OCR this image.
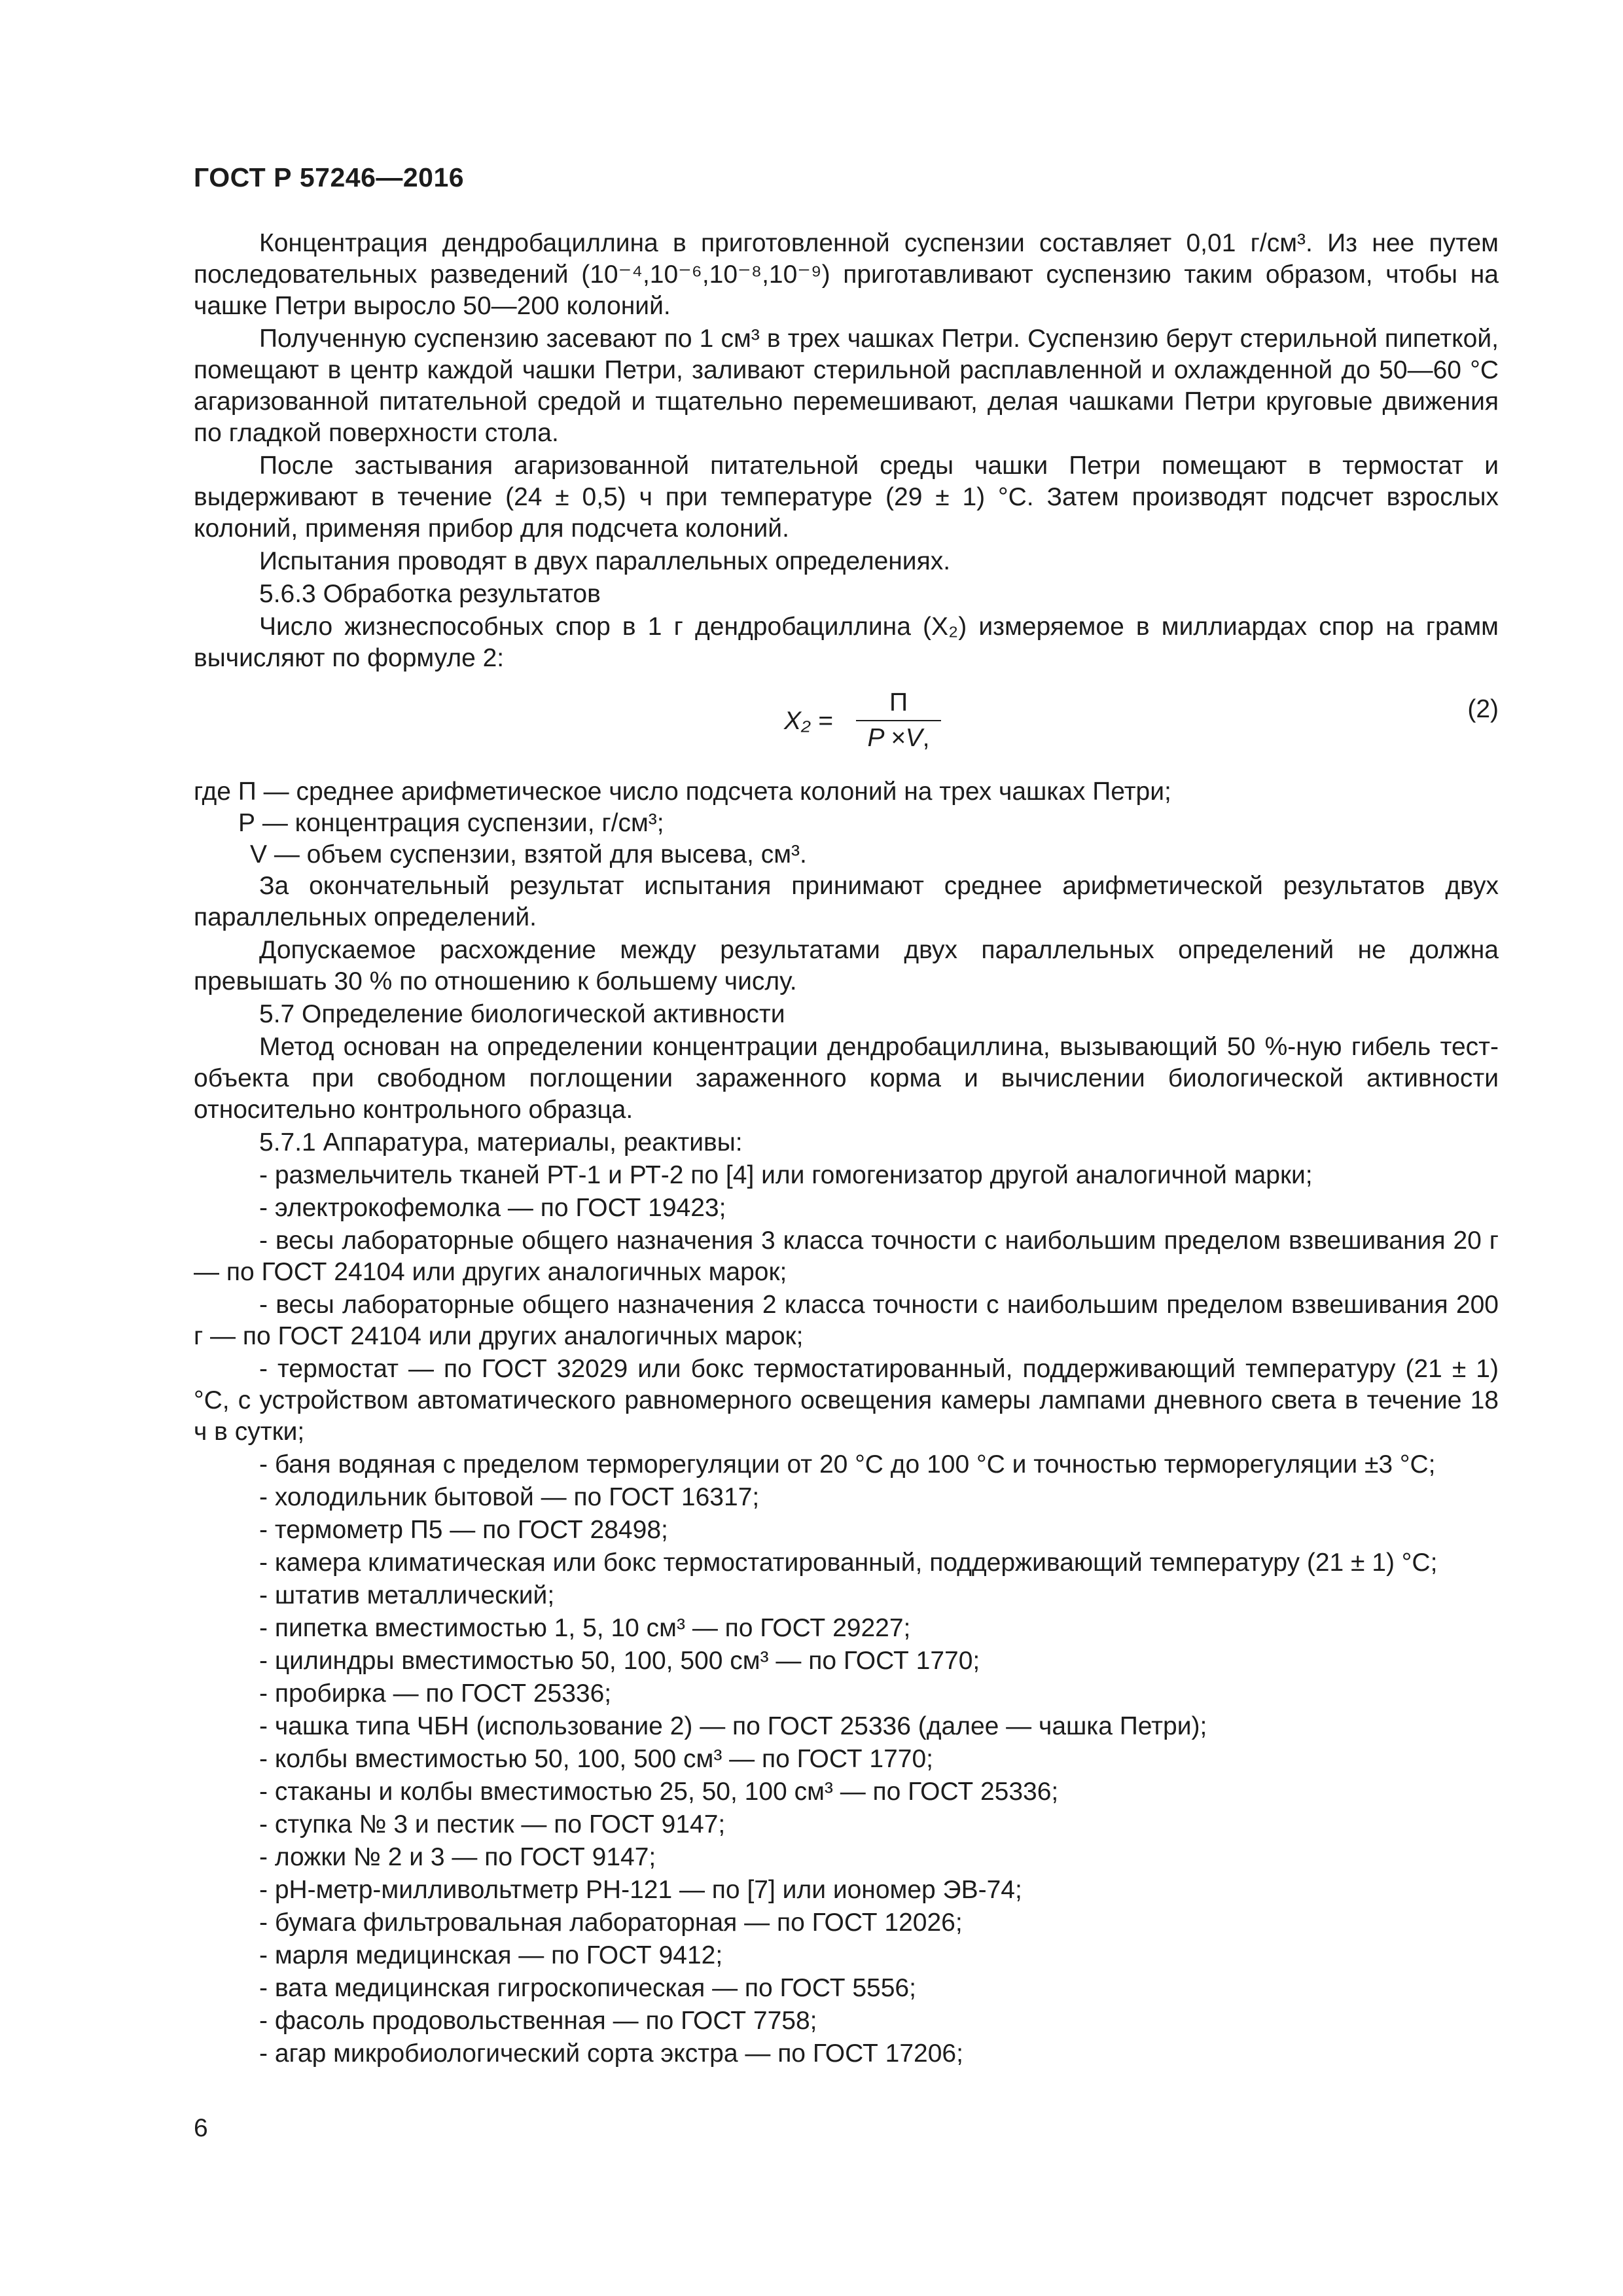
ГОСТ Р 57246—2016

Концентрация дендробациллина в приготовленной суспензии составляет 0,01 г/см³. Из нее путем последовательных разведений (10⁻⁴,10⁻⁶,10⁻⁸,10⁻⁹) приготавливают суспензию таким образом, чтобы на чашке Петри выросло 50—200 колоний.

Полученную суспензию засевают по 1 см³ в трех чашках Петри. Суспензию берут стерильной пипеткой, помещают в центр каждой чашки Петри, заливают стерильной расплавленной и охлажденной до 50—60 °С агаризованной питательной средой и тщательно перемешивают, делая чашками Петри круговые движения по гладкой поверхности стола.

После застывания агаризованной питательной среды чашки Петри помещают в термостат и выдерживают в течение (24 ± 0,5) ч при температуре (29 ± 1) °С. Затем производят подсчет взрослых колоний, применяя прибор для подсчета колоний.

Испытания проводят в двух параллельных определениях.

5.6.3 Обработка результатов

Число жизнеспособных спор в 1 г дендробациллина (X₂) измеряемое в миллиардах спор на грамм вычисляют по формуле 2:

X₂ =
П
P ×V,
(2)

где П — среднее арифметическое число подсчета колоний на трех чашках Петри;

Р — концентрация суспензии, г/см³;

V — объем суспензии, взятой для высева, см³.

За окончательный результат испытания принимают среднее арифметической результатов двух параллельных определений.

Допускаемое расхождение между результатами двух параллельных определений не должна превышать 30 % по отношению к большему числу.

5.7 Определение биологической активности

Метод основан на определении концентрации дендробациллина, вызывающий 50 %-ную гибель тест-объекта при свободном поглощении зараженного корма и вычислении биологической активности относительно контрольного образца.

5.7.1 Аппаратура, материалы, реактивы:

- размельчитель тканей РТ-1 и РТ-2 по [4] или гомогенизатор другой аналогичной марки;
- электрокофемолка — по ГОСТ 19423;
- весы лабораторные общего назначения 3 класса точности с наибольшим пределом взвешивания 20 г — по ГОСТ 24104 или других аналогичных марок;
- весы лабораторные общего назначения 2 класса точности с наибольшим пределом взвешивания 200 г — по ГОСТ 24104 или других аналогичных марок;
- термостат — по ГОСТ 32029 или бокс термостатированный, поддерживающий температуру (21 ± 1) °С, с устройством автоматического равномерного освещения камеры лампами дневного света в течение 18 ч в сутки;
- баня водяная с пределом терморегуляции от 20 °С до 100 °С и точностью терморегуляции ±3 °С;
- холодильник бытовой — по ГОСТ 16317;
- термометр П5 — по ГОСТ 28498;
- камера климатическая или бокс термостатированный, поддерживающий температуру (21 ± 1) °С;
- штатив металлический;
- пипетка вместимостью 1, 5, 10 см³ — по ГОСТ 29227;
- цилиндры вместимостью 50, 100, 500 см³ — по ГОСТ 1770;
- пробирка — по ГОСТ 25336;
- чашка типа ЧБН (использование 2) — по ГОСТ 25336 (далее — чашка Петри);
- колбы вместимостью 50, 100, 500 см³ — по ГОСТ 1770;
- стаканы и колбы вместимостью 25, 50, 100 см³ — по ГОСТ 25336;
- ступка № 3 и пестик — по ГОСТ 9147;
- ложки № 2 и 3 — по ГОСТ 9147;
- рН-метр-милливольтметр РН-121 — по [7] или иономер ЭВ-74;
- бумага фильтровальная лабораторная — по ГОСТ 12026;
- марля медицинская — по ГОСТ 9412;
- вата медицинская гигроскопическая — по ГОСТ 5556;
- фасоль продовольственная — по ГОСТ 7758;
- агар микробиологический сорта экстра — по ГОСТ 17206;
6
